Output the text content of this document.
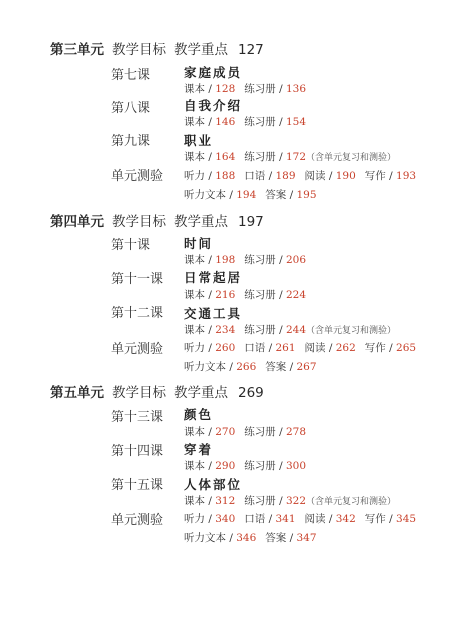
第三单元 教学目标 教学重点 127
第七课	家庭成员
课本 / 128 练习册 / 136
第八课	自我介绍
课本 / 146 练习册 / 154
第九课	职业
课本 / 164 练习册 / 172（含单元复习和测验）
单元测验 听力 / 188 口语 / 189 阅读 / 190 写作 / 193
听力文本 / 194 答案 / 195
第四单元 教学目标 教学重点 197
第十课	时间
课本 / 198 练习册 / 206
第十一课 日常起居
课本 / 216 练习册 / 224
第十二课 交通工具
课本 / 234 练习册 / 244（含单元复习和测验）
单元测验 听力 / 260 口语 / 261 阅读 / 262 写作 / 265
听力文本 / 266 答案 / 267
第五单元 教学目标 教学重点 269
第十三课 颜色
课本 / 270 练习册 / 278
第十四课 穿着
课本 / 290 练习册 / 300
第十五课 人体部位
课本 / 312 练习册 / 322（含单元复习和测验）
单元测验 听力 / 340 口语 / 341 阅读 / 342 写作 / 345
听力文本 / 346 答案 / 347
